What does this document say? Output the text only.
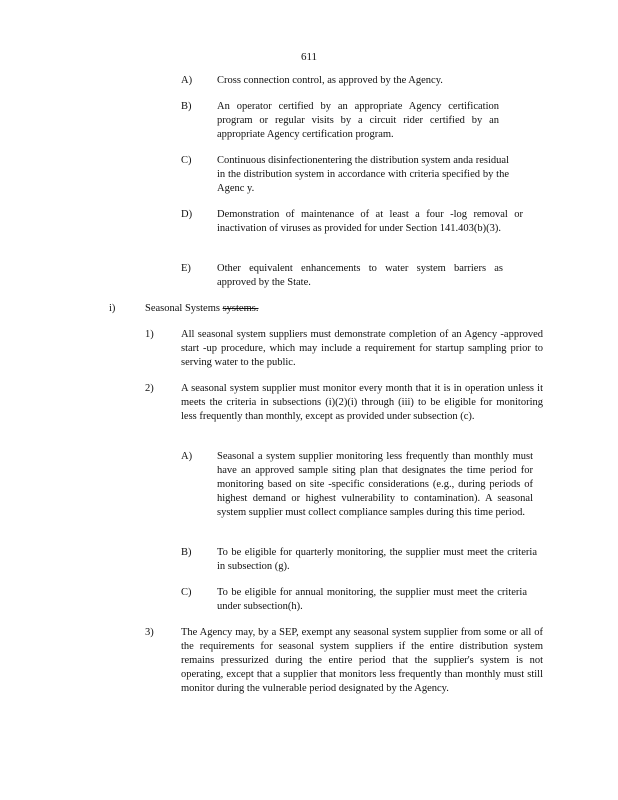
611
A) Cross connection control, as approved by the Agency.
B) An operator certified by an appropriate Agency certification program or regular visits by a circuit rider certified by an appropriate Agency certification program.
C) Continuous disinfectionentering the distribution system anda residual in the distribution system in accordance with criteria specified by the Agenc y.
D) Demonstration of maintenance of at least a four -log removal or inactivation of viruses as provided for under Section 141.403(b)(3).
E) Other equivalent enhancements to water system barriers as approved by the State.
i)	Seasonal Systems systems.
1)	All seasonal system suppliers must demonstrate completion of an Agency -approved start -up procedure, which may include a requirement for startup sampling prior to serving water to the public.
2)	A seasonal system supplier must monitor every month that it is in operation unless it meets the criteria in subsections (i)(2)(i) through (iii) to be eligible for monitoring less frequently than monthly, except as provided under subsection (c).
A) Seasonal a system supplier monitoring less frequently than monthly must have an approved sample siting plan that designates the time period for monitoring based on site -specific considerations (e.g., during periods of highest demand or highest vulnerability to contamination). A seasonal system supplier must collect compliance samples during this time period.
B) To be eligible for quarterly monitoring, the supplier must meet the criteria in subsection (g).
C) To be eligible for annual monitoring, the supplier must meet the criteria under subsection(h).
3)	The Agency may, by a SEP, exempt any seasonal system supplier from some or all of the requirements for seasonal system suppliers if the entire distribution system remains pressurized during the entire period that the supplier's system is not operating, except that a supplier that monitors less frequently than monthly must still monitor during the vulnerable period designated by the Agency.
